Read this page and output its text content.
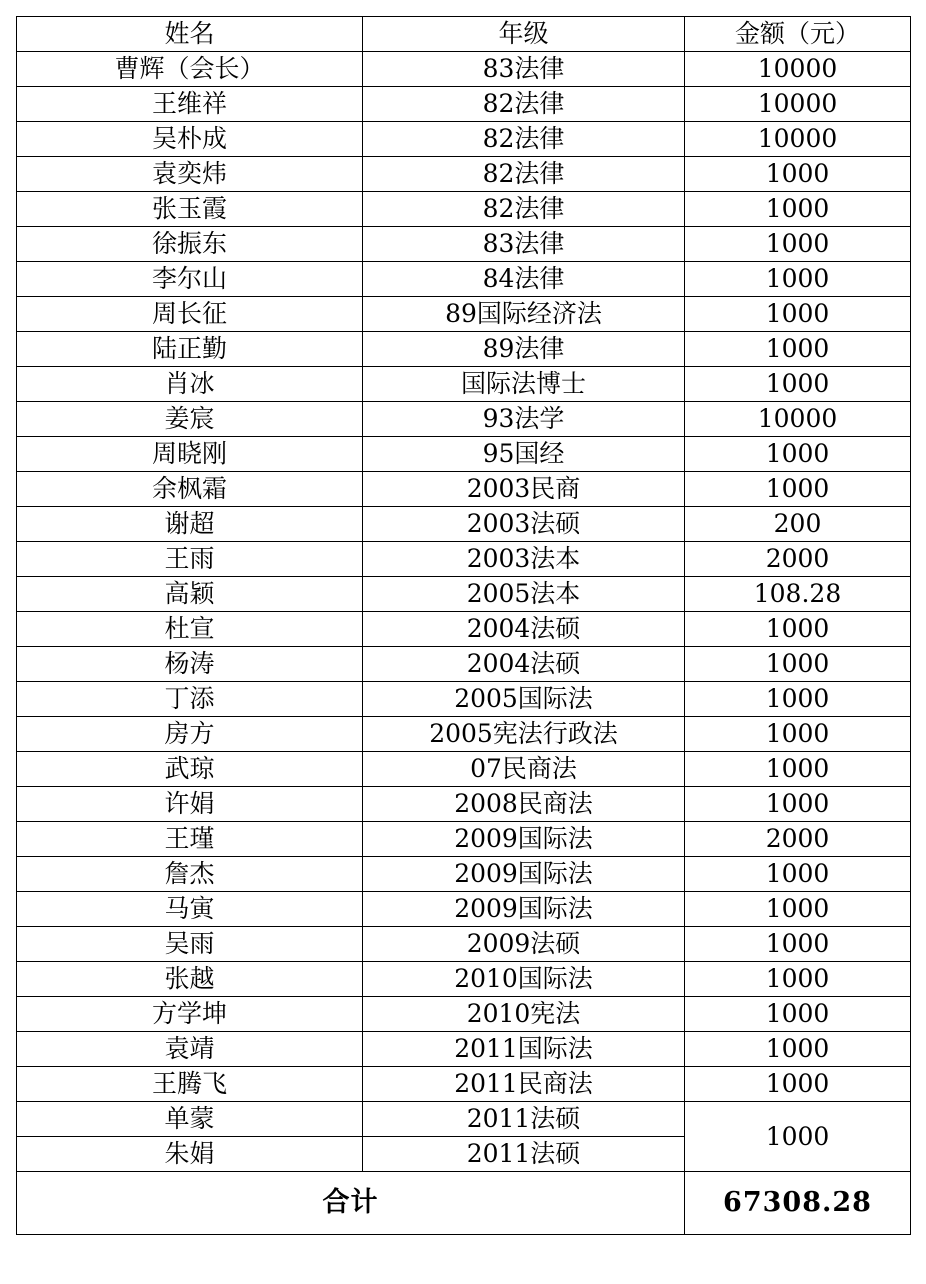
姓名	年级	金额（元）
曹辉（会长）	83法律	10000
王维祥	82法律	10000
吴朴成	82法律	10000
袁奕炜	82法律	1000
张玉霞	82法律	1000
徐振东	83法律	1000
李尔山	84法律	1000
周长征	89国际经济法	1000
陆正勤	89法律	1000
肖冰	国际法博士	1000
姜宸	93法学	10000
周晓刚	95国经	1000
余枫霜	2003民商	1000
谢超	2003法硕	200
王雨	2003法本	2000
高颖	2005法本	108.28
杜宣	2004法硕	1000
杨涛	2004法硕	1000
丁添	2005国际法	1000
房方	2005宪法行政法	1000
武琼	07民商法	1000
许娟	2008民商法	1000
王瑾	2009国际法	2000
詹杰	2009国际法	1000
马寅	2009国际法	1000
吴雨	2009法硕	1000
张越	2010国际法	1000
方学坤	2010宪法	1000
袁靖	2011国际法	1000
王腾飞	2011民商法	1000
单蒙	2011法硕	1000
朱娟	2011法硕	
合计		67308.28
